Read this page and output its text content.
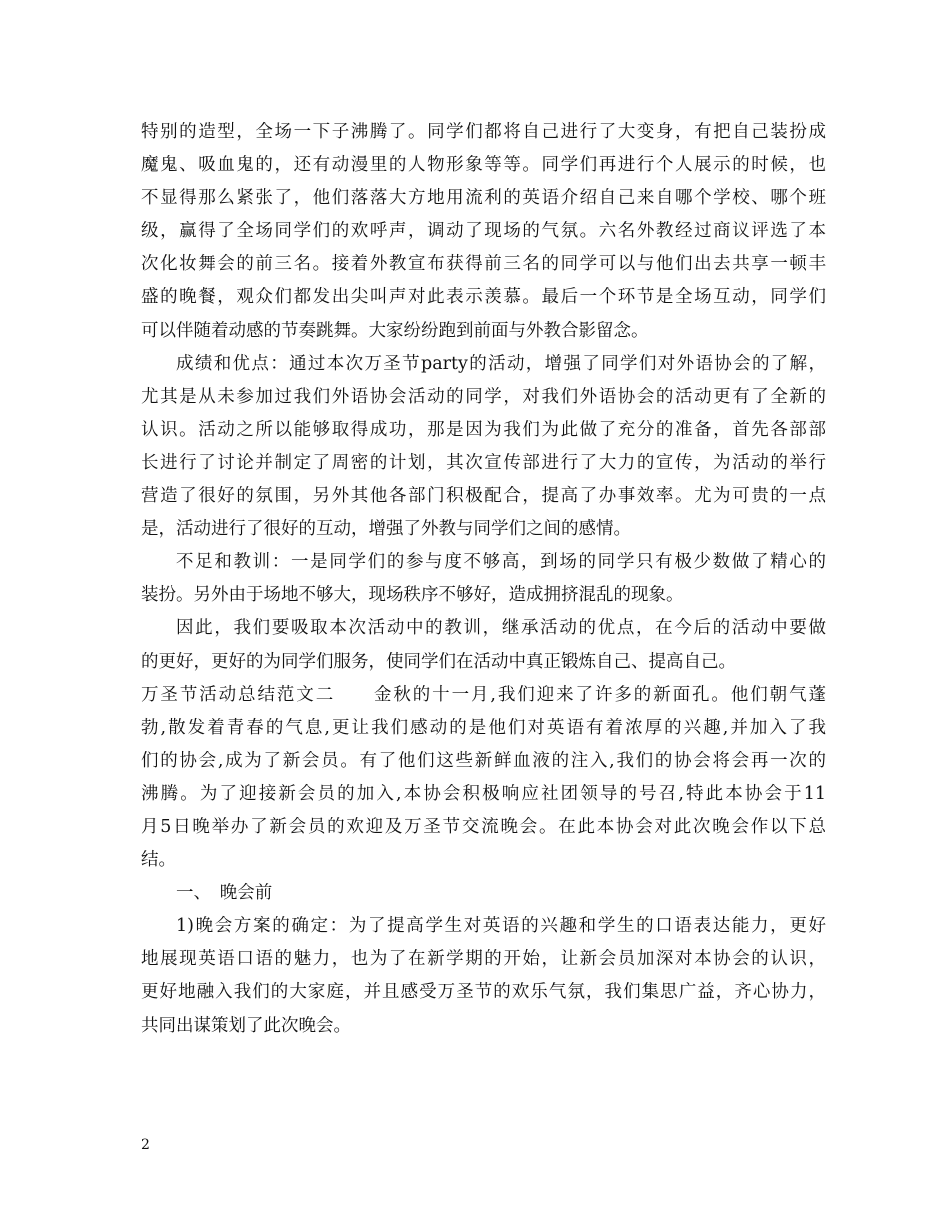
特别的造型，全场一下子沸腾了。同学们都将自己进行了大变身，有把自己装扮成
魔鬼、吸血鬼的，还有动漫里的人物形象等等。同学们再进行个人展示的时候，也
不显得那么紧张了，他们落落大方地用流利的英语介绍自己来自哪个学校、哪个班
级，赢得了全场同学们的欢呼声，调动了现场的气氛。六名外教经过商议评选了本
次化妆舞会的前三名。接着外教宣布获得前三名的同学可以与他们出去共享一顿丰
盛的晚餐，观众们都发出尖叫声对此表示羡慕。最后一个环节是全场互动，同学们
可以伴随着动感的节奏跳舞。大家纷纷跑到前面与外教合影留念。
成绩和优点：通过本次万圣节party的活动，增强了同学们对外语协会的了解，
尤其是从未参加过我们外语协会活动的同学，对我们外语协会的活动更有了全新的
认识。活动之所以能够取得成功，那是因为我们为此做了充分的准备，首先各部部
长进行了讨论并制定了周密的计划，其次宣传部进行了大力的宣传，为活动的举行
营造了很好的氛围，另外其他各部门积极配合，提高了办事效率。尤为可贵的一点
是，活动进行了很好的互动，增强了外教与同学们之间的感情。
不足和教训：一是同学们的参与度不够高，到场的同学只有极少数做了精心的
装扮。另外由于场地不够大，现场秩序不够好，造成拥挤混乱的现象。
因此，我们要吸取本次活动中的教训，继承活动的优点，在今后的活动中要做
的更好，更好的为同学们服务，使同学们在活动中真正锻炼自己、提高自己。
万圣节活动总结范文二　　金秋的十一月,我们迎来了许多的新面孔。他们朝气蓬
勃,散发着青春的气息,更让我们感动的是他们对英语有着浓厚的兴趣,并加入了我
们的协会,成为了新会员。有了他们这些新鲜血液的注入,我们的协会将会再一次的
沸腾。为了迎接新会员的加入,本协会积极响应社团领导的号召,特此本协会于11
月5日晚举办了新会员的欢迎及万圣节交流晚会。在此本协会对此次晚会作以下总
结。
一、　晚会前
1)晚会方案的确定：为了提高学生对英语的兴趣和学生的口语表达能力，更好
地展现英语口语的魅力，也为了在新学期的开始，让新会员加深对本协会的认识，
更好地融入我们的大家庭，并且感受万圣节的欢乐气氛，我们集思广益，齐心协力，
共同出谋策划了此次晚会。
2
